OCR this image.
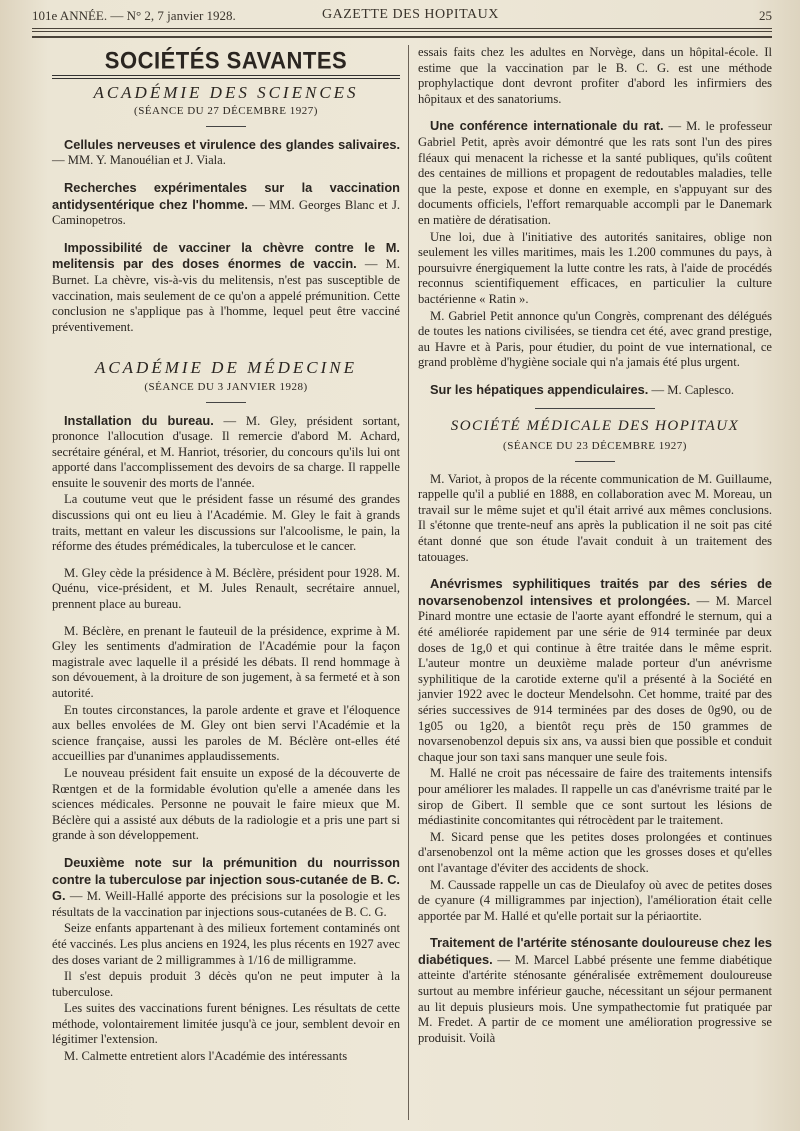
101e ANNÉE. — N° 2, 7 janvier 1928.	GAZETTE DES HOPITAUX	25
SOCIÉTÉS SAVANTES
ACADÉMIE DES SCIENCES
(SÉANCE DU 27 DÉCEMBRE 1927)

Cellules nerveuses et virulence des glandes salivaires. — MM. Y. Manouélian et J. Viala.

Recherches expérimentales sur la vaccination antidysentérique chez l'homme. — MM. Georges Blanc et J. Caminopetros.

Impossibilité de vacciner la chèvre contre le M. melitensis par des doses énormes de vaccin. — M. Burnet. La chèvre, vis-à-vis du melitensis, n'est pas susceptible de vaccination, mais seulement de ce qu'on a appelé prémunition. Cette conclusion ne s'applique pas à l'homme, lequel peut être vacciné préventivement.

ACADÉMIE DE MÉDECINE
(SÉANCE DU 3 JANVIER 1928)

Installation du bureau. — M. Gley, président sortant, prononce l'allocution d'usage. Il remercie d'abord M. Achard, secrétaire général, et M. Hanriot, trésorier, du concours qu'ils lui ont apporté dans l'accomplissement des devoirs de sa charge. Il rappelle ensuite le souvenir des morts de l'année.

La coutume veut que le président fasse un résumé des grandes discussions qui ont eu lieu à l'Académie. M. Gley le fait à grands traits, mettant en valeur les discussions sur l'alcoolisme, le pain, la réforme des études prémédicales, la tuberculose et le cancer.

M. Gley cède la présidence à M. Béclère, président pour 1928. M. Quénu, vice-président, et M. Jules Renault, secrétaire annuel, prennent place au bureau.

M. Béclère, en prenant le fauteuil de la présidence, exprime à M. Gley les sentiments d'admiration de l'Académie pour la façon magistrale avec laquelle il a présidé les débats. Il rend hommage à son dévouement, à la droiture de son jugement, à sa fermeté et à son autorité.

En toutes circonstances, la parole ardente et grave et l'éloquence aux belles envolées de M. Gley ont bien servi l'Académie et la science française, aussi les paroles de M. Béclère ont-elles été accueillies par d'unanimes applaudissements.

Le nouveau président fait ensuite un exposé de la découverte de Rœntgen et de la formidable évolution qu'elle a amenée dans les sciences médicales. Personne ne pouvait le faire mieux que M. Béclère qui a assisté aux débuts de la radiologie et a pris une part si grande à son développement.

Deuxième note sur la prémunition du nourrisson contre la tuberculose par injection sous-cutanée de B. C. G. — M. Weill-Hallé apporte des précisions sur la posologie et les résultats de la vaccination par injections sous-cutanées de B. C. G.

Seize enfants appartenant à des milieux fortement contaminés ont été vaccinés. Les plus anciens en 1924, les plus récents en 1927 avec des doses variant de 2 milligrammes à 1/16 de milligramme.

Il s'est depuis produit 3 décès qu'on ne peut imputer à la tuberculose.

Les suites des vaccinations furent bénignes. Les résultats de cette méthode, volontairement limitée jusqu'à ce jour, semblent devoir en légitimer l'extension.

M. Calmette entretient alors l'Académie des intéressants

essais faits chez les adultes en Norvège, dans un hôpital-école. Il estime que la vaccination par le B. C. G. est une méthode prophylactique dont devront profiter d'abord les infirmiers des hôpitaux et des sanatoriums.

Une conférence internationale du rat. — M. le professeur Gabriel Petit, après avoir démontré que les rats sont l'un des pires fléaux qui menacent la richesse et la santé publiques, qu'ils coûtent des centaines de millions et propagent de redoutables maladies, telle que la peste, expose et donne en exemple, en s'appuyant sur des documents officiels, l'effort remarquable accompli par le Danemark en matière de dératisation.

Une loi, due à l'initiative des autorités sanitaires, oblige non seulement les villes maritimes, mais les 1.200 communes du pays, à poursuivre énergiquement la lutte contre les rats, à l'aide de procédés reconnus scientifiquement efficaces, en particulier la culture bactérienne « Ratin ».

M. Gabriel Petit annonce qu'un Congrès, comprenant des délégués de toutes les nations civilisées, se tiendra cet été, avec grand prestige, au Havre et à Paris, pour étudier, du point de vue international, ce grand problème d'hygiène sociale qui n'a jamais été plus urgent.

Sur les hépatiques appendiculaires. — M. Caplesco.

SOCIÉTÉ MÉDICALE DES HOPITAUX
(SÉANCE DU 23 DÉCEMBRE 1927)

M. Variot, à propos de la récente communication de M. Guillaume, rappelle qu'il a publié en 1888, en collaboration avec M. Moreau, un travail sur le même sujet et qu'il était arrivé aux mêmes conclusions. Il s'étonne que trente-neuf ans après la publication il ne soit pas cité étant donné que son étude l'avait conduit à un traitement des tatouages.

Anévrismes syphilitiques traités par des séries de novarsenobenzol intensives et prolongées. — M. Marcel Pinard montre une ectasie de l'aorte ayant effondré le sternum, qui a été améliorée rapidement par une série de 914 terminée par deux doses de 1g,0 et qui continue à être traitée dans le même esprit. L'auteur montre un deuxième malade porteur d'un anévrisme syphilitique de la carotide externe qu'il a présenté à la Société en janvier 1922 avec le docteur Mendelsohn. Cet homme, traité par des séries successives de 914 terminées par des doses de 0g90, ou de 1g05 ou 1g20, a bientôt reçu près de 150 grammes de novarsenobenzol depuis six ans, va aussi bien que possible et conduit chaque jour son taxi sans manquer une seule fois.

M. Hallé ne croit pas nécessaire de faire des traitements intensifs pour améliorer les malades. Il rappelle un cas d'anévrisme traité par le sirop de Gibert. Il semble que ce sont surtout les lésions de médiastinite concomitantes qui rétrocèdent par le traitement.

M. Sicard pense que les petites doses prolongées et continues d'arsenobenzol ont la même action que les grosses doses et qu'elles ont l'avantage d'éviter des accidents de shock.

M. Caussade rappelle un cas de Dieulafoy où avec de petites doses de cyanure (4 milligrammes par injection), l'amélioration était celle apportée par M. Hallé et qu'elle portait sur la périaortite.

Traitement de l'artérite sténosante douloureuse chez les diabétiques. — M. Marcel Labbé présente une femme diabétique atteinte d'artérite sténosante généralisée extrêmement douloureuse surtout au membre inférieur gauche, nécessitant un séjour permanent au lit depuis plusieurs mois. Une sympathectomie fut pratiquée par M. Fredet. A partir de ce moment une amélioration progressive se produisit. Voilà
